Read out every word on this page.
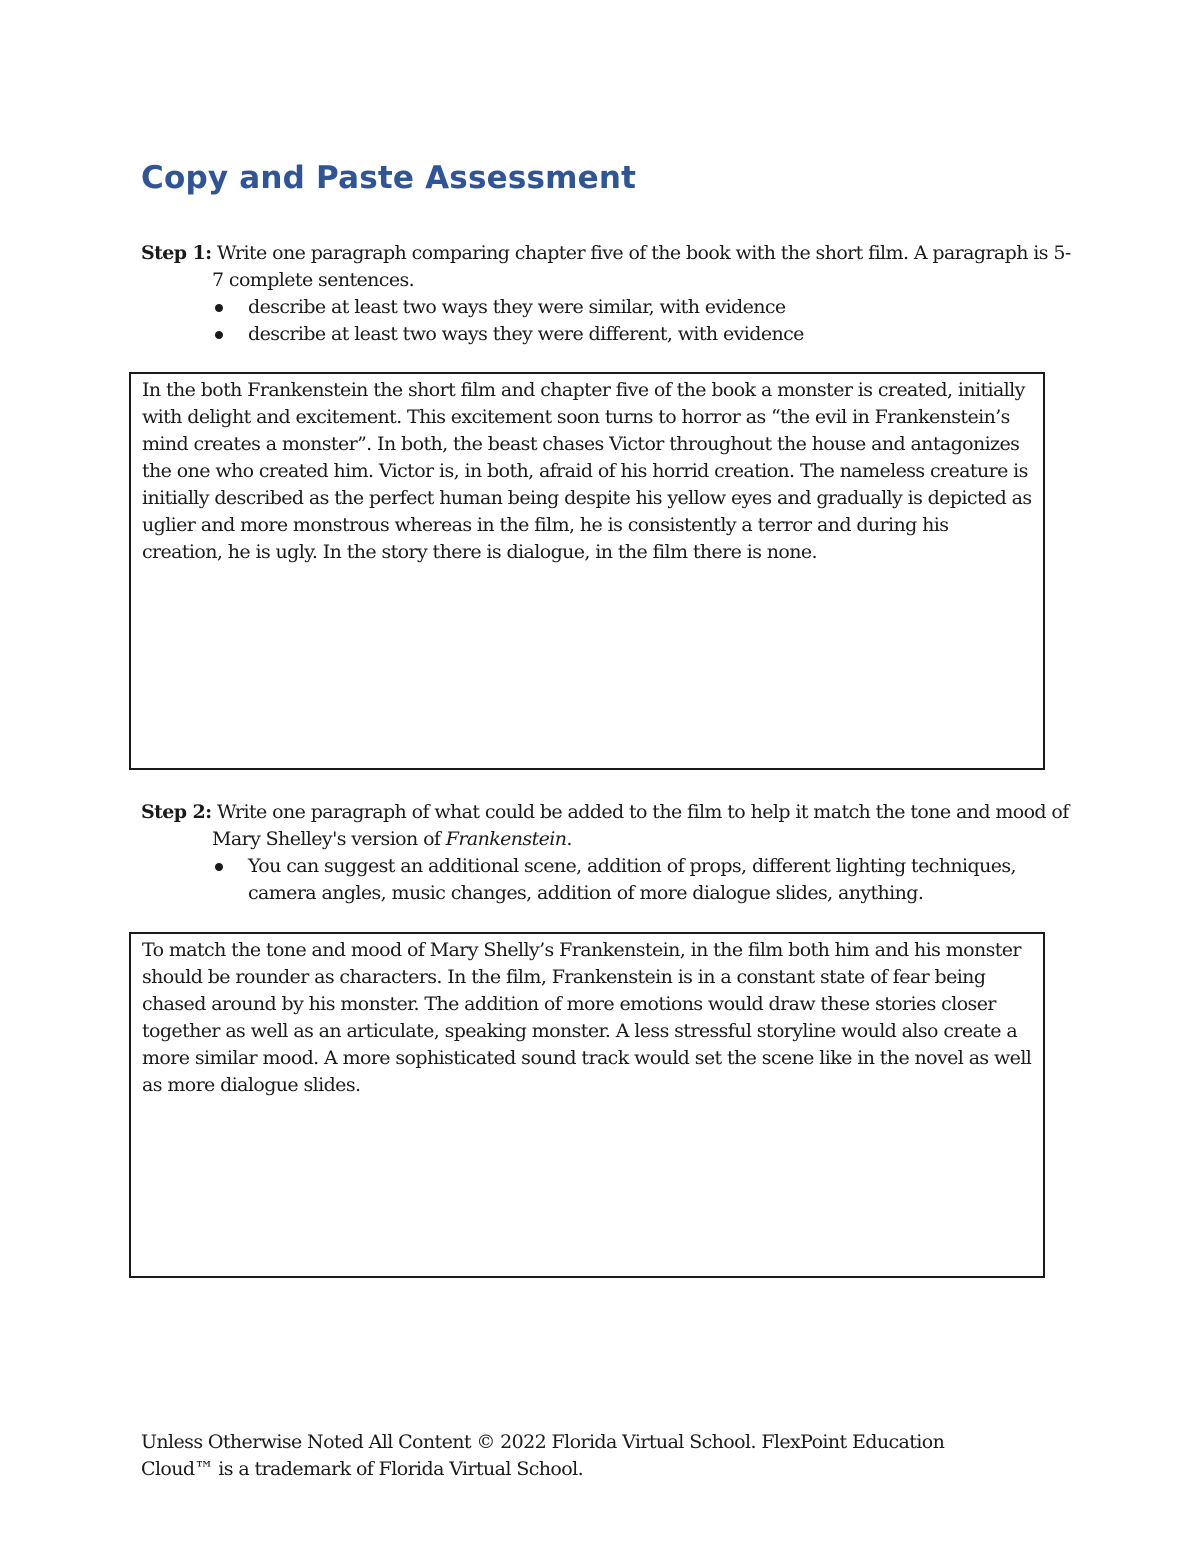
Copy and Paste Assessment

Step 1: Write one paragraph comparing chapter five of the book with the short film. A paragraph is 5-7 complete sentences.

describe at least two ways they were similar, with evidence
describe at least two ways they were different, with evidence

In the both Frankenstein the short film and chapter five of the book a monster is created, initially with delight and excitement. This excitement soon turns to horror as “the evil in Frankenstein’s mind creates a monster”. In both, the beast chases Victor throughout the house and antagonizes the one who created him. Victor is, in both, afraid of his horrid creation. The nameless creature is initially described as the perfect human being despite his yellow eyes and gradually is depicted as uglier and more monstrous whereas in the film, he is consistently a terror and during his creation, he is ugly. In the story there is dialogue, in the film there is none.

Step 2: Write one paragraph of what could be added to the film to help it match the tone and mood of Mary Shelley's version of Frankenstein.

You can suggest an additional scene, addition of props, different lighting techniques, camera angles, music changes, addition of more dialogue slides, anything.

To match the tone and mood of Mary Shelly’s Frankenstein, in the film both him and his monster should be rounder as characters. In the film, Frankenstein is in a constant state of fear being chased around by his monster. The addition of more emotions would draw these stories closer together as well as an articulate, speaking monster. A less stressful storyline would also create a more similar mood. A more sophisticated sound track would set the scene like in the novel as well as more dialogue slides.

Unless Otherwise Noted All Content © 2022 Florida Virtual School. FlexPoint Education Cloud™ is a trademark of Florida Virtual School.
